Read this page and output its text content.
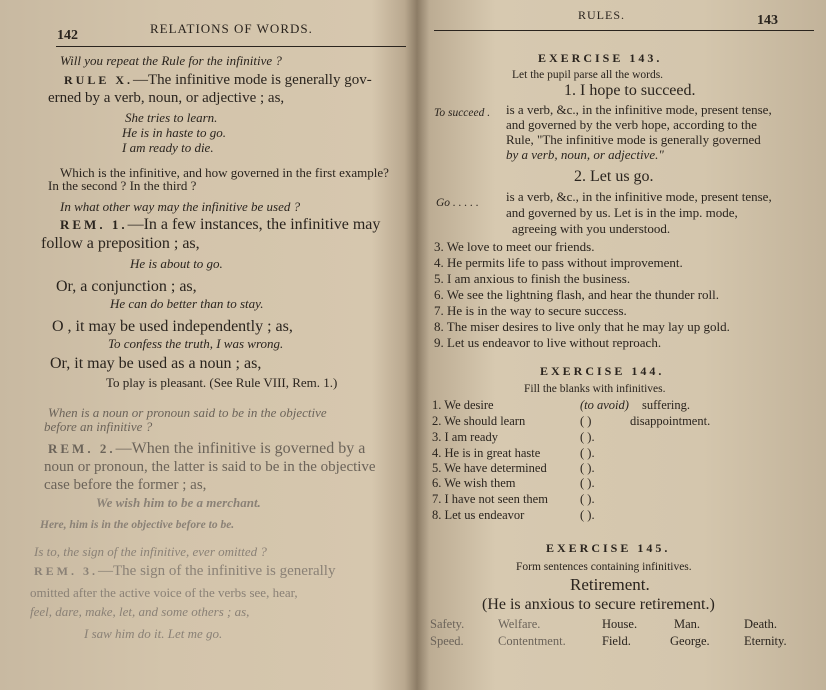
142	RELATIONS OF WORDS.
Will you repeat the Rule for the infinitive ?
RULE X.—The infinitive mode is generally gov-
erned by a verb, noun, or adjective ; as,
She tries to learn.
He is in haste to go.
I am ready to die.
Which is the infinitive, and how governed in the first example?
In the second ? In the third ?
In what other way may the infinitive be used ?
REM. 1.—In a few instances, the infinitive may
follow a preposition ; as,
He is about to go.
Or, a conjunction ; as,
He can do better than to stay.
O , it may be used independently ; as,
To confess the truth, I was wrong.
Or, it may be used as a noun ; as,
To play is pleasant. (See Rule VIII, Rem. 1.)
When is a noun or pronoun said to be in the objective
before an infinitive ?
REM. 2.—When the infinitive is governed by a
noun or pronoun, the latter is said to be in the objective
case before the former ; as,
We wish him to be a merchant.
Here, him is in the objective before to be.
Is to, the sign of the infinitive, ever omitted ?
REM. 3.—The sign of the infinitive is generally
omitted after the active voice of the verbs see, hear,
feel, dare, make, let, and some others ; as,
I saw him do it. Let me go.
RULES.	143
EXERCISE 143.
Let the pupil parse all the words.
1. I hope to succeed.
To succeed . is a verb, &c., in the infinitive mode, present tense,
and governed by the verb hope, according to the
Rule, "The infinitive mode is generally governed
by a verb, noun, or adjective."
2. Let us go.
Go . . . . . is a verb, &c., in the infinitive mode, present tense,
and governed by us. Let is in the imp. mode,
agreeing with you understood.
3. We love to meet our friends.
4. He permits life to pass without improvement.
5. I am anxious to finish the business.
6. We see the lightning flash, and hear the thunder roll.
7. He is in the way to secure success.
8. The miser desires to live only that he may lay up gold.
9. Let us endeavor to live without reproach.
EXERCISE 144.
Fill the blanks with infinitives.
1. We desire	(to avoid) suffering.
2. We should learn	( )	disappointment.
3. I am ready	( ).
4. He is in great haste	( ).
5. We have determined	( ).
6. We wish them	( ).
7. I have not seen them	( ).
8. Let us endeavor	( ).
EXERCISE 145.
Form sentences containing infinitives.
Retirement.
(He is anxious to secure retirement.)
Safety.	Welfare.	House.	Man.	Death.
Speed.	Contentment.	Field.	George.	Eternity.
